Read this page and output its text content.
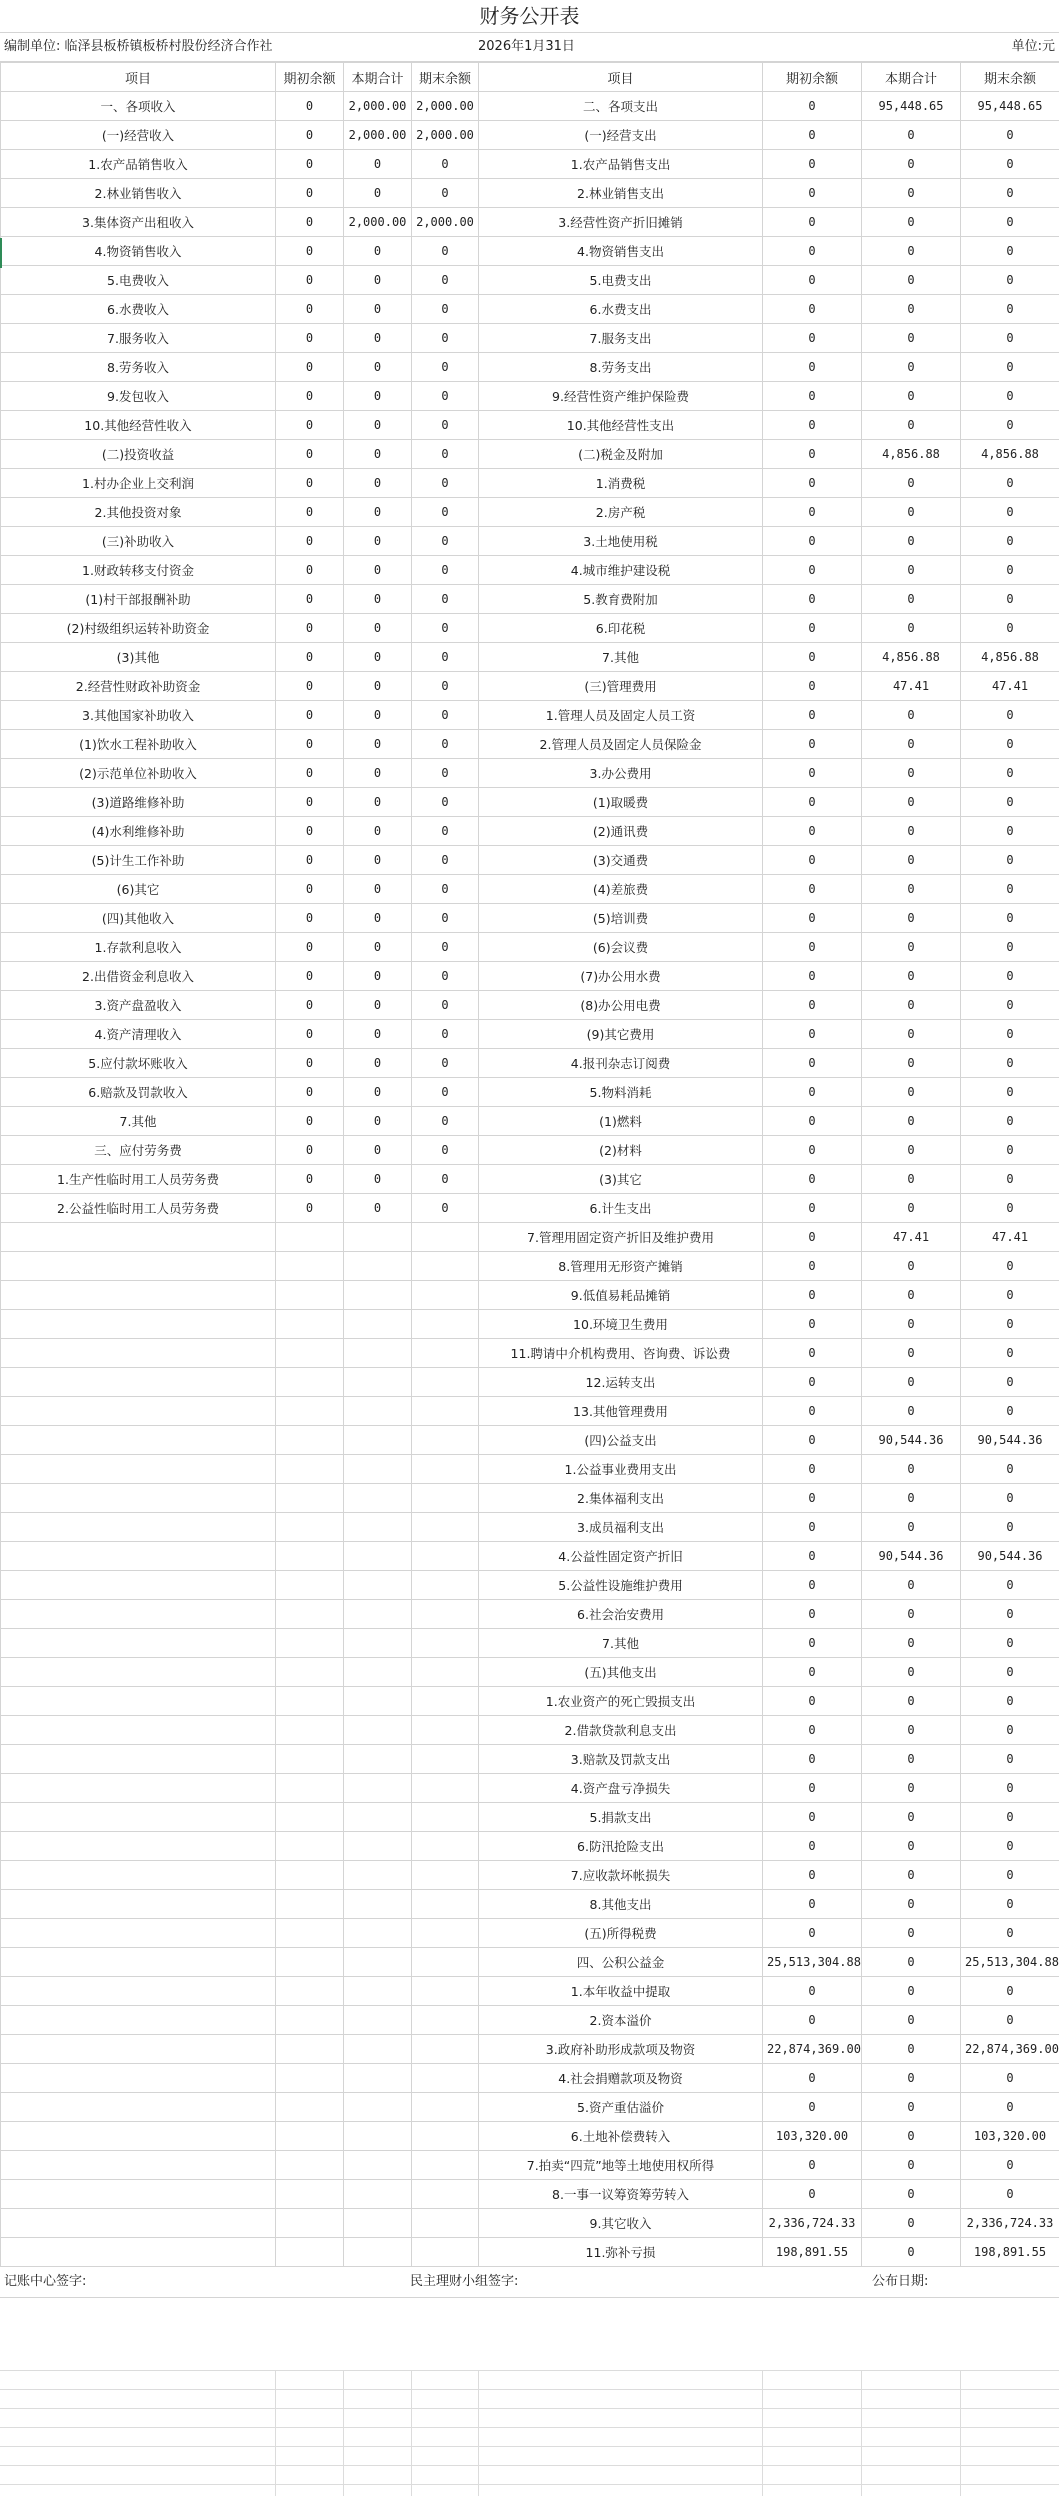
财务公开表
编制单位: 临泽县板桥镇板桥村股份经济合作社	2026年1月31日	单位:元
项目	期初余额	本期合计	期末余额	项目	期初余额	本期合计	期末余额
一、各项收入	0	2,000.00	2,000.00	二、各项支出	0	95,448.65	95,448.65
(一)经营收入	0	2,000.00	2,000.00	(一)经营支出	0	0	0
1.农产品销售收入	0	0	0	1.农产品销售支出	0	0	0
2.林业销售收入	0	0	0	2.林业销售支出	0	0	0
3.集体资产出租收入	0	2,000.00	2,000.00	3.经营性资产折旧摊销	0	0	0
4.物资销售收入	0	0	0	4.物资销售支出	0	0	0
5.电费收入	0	0	0	5.电费支出	0	0	0
6.水费收入	0	0	0	6.水费支出	0	0	0
7.服务收入	0	0	0	7.服务支出	0	0	0
8.劳务收入	0	0	0	8.劳务支出	0	0	0
9.发包收入	0	0	0	9.经营性资产维护保险费	0	0	0
10.其他经营性收入	0	0	0	10.其他经营性支出	0	0	0
(二)投资收益	0	0	0	(二)税金及附加	0	4,856.88	4,856.88
1.村办企业上交利润	0	0	0	1.消费税	0	0	0
2.其他投资对象	0	0	0	2.房产税	0	0	0
(三)补助收入	0	0	0	3.土地使用税	0	0	0
1.财政转移支付资金	0	0	0	4.城市维护建设税	0	0	0
(1)村干部报酬补助	0	0	0	5.教育费附加	0	0	0
(2)村级组织运转补助资金	0	0	0	6.印花税	0	0	0
(3)其他	0	0	0	7.其他	0	4,856.88	4,856.88
2.经营性财政补助资金	0	0	0	(三)管理费用	0	47.41	47.41
3.其他国家补助收入	0	0	0	1.管理人员及固定人员工资	0	0	0
(1)饮水工程补助收入	0	0	0	2.管理人员及固定人员保险金	0	0	0
(2)示范单位补助收入	0	0	0	3.办公费用	0	0	0
(3)道路维修补助	0	0	0	(1)取暖费	0	0	0
(4)水利维修补助	0	0	0	(2)通讯费	0	0	0
(5)计生工作补助	0	0	0	(3)交通费	0	0	0
(6)其它	0	0	0	(4)差旅费	0	0	0
(四)其他收入	0	0	0	(5)培训费	0	0	0
1.存款利息收入	0	0	0	(6)会议费	0	0	0
2.出借资金利息收入	0	0	0	(7)办公用水费	0	0	0
3.资产盘盈收入	0	0	0	(8)办公用电费	0	0	0
4.资产清理收入	0	0	0	(9)其它费用	0	0	0
5.应付款坏账收入	0	0	0	4.报刊杂志订阅费	0	0	0
6.赔款及罚款收入	0	0	0	5.物料消耗	0	0	0
7.其他	0	0	0	(1)燃料	0	0	0
三、应付劳务费	0	0	0	(2)材料	0	0	0
1.生产性临时用工人员劳务费	0	0	0	(3)其它	0	0	0
2.公益性临时用工人员劳务费	0	0	0	6.计生支出	0	0	0
				7.管理用固定资产折旧及维护费用	0	47.41	47.41
				8.管理用无形资产摊销	0	0	0
				9.低值易耗品摊销	0	0	0
				10.环境卫生费用	0	0	0
				11.聘请中介机构费用、咨询费、诉讼费	0	0	0
				12.运转支出	0	0	0
				13.其他管理费用	0	0	0
				(四)公益支出	0	90,544.36	90,544.36
				1.公益事业费用支出	0	0	0
				2.集体福利支出	0	0	0
				3.成员福利支出	0	0	0
				4.公益性固定资产折旧	0	90,544.36	90,544.36
				5.公益性设施维护费用	0	0	0
				6.社会治安费用	0	0	0
				7.其他	0	0	0
				(五)其他支出	0	0	0
				1.农业资产的死亡毁损支出	0	0	0
				2.借款贷款利息支出	0	0	0
				3.赔款及罚款支出	0	0	0
				4.资产盘亏净损失	0	0	0
				5.捐款支出	0	0	0
				6.防汛抢险支出	0	0	0
				7.应收款坏帐损失	0	0	0
				8.其他支出	0	0	0
				(五)所得税费	0	0	0
				四、公积公益金	25,513,304.88	0	25,513,304.88
				1.本年收益中提取	0	0	0
				2.资本溢价	0	0	0
				3.政府补助形成款项及物资	22,874,369.00	0	22,874,369.00
				4.社会捐赠款项及物资	0	0	0
				5.资产重估溢价	0	0	0
				6.土地补偿费转入	103,320.00	0	103,320.00
				7.拍卖“四荒”地等土地使用权所得	0	0	0
				8.一事一议筹资筹劳转入	0	0	0
				9.其它收入	2,336,724.33	0	2,336,724.33
				11.弥补亏损	198,891.55	0	198,891.55
记账中心签字:	民主理财小组签字:	公布日期:
